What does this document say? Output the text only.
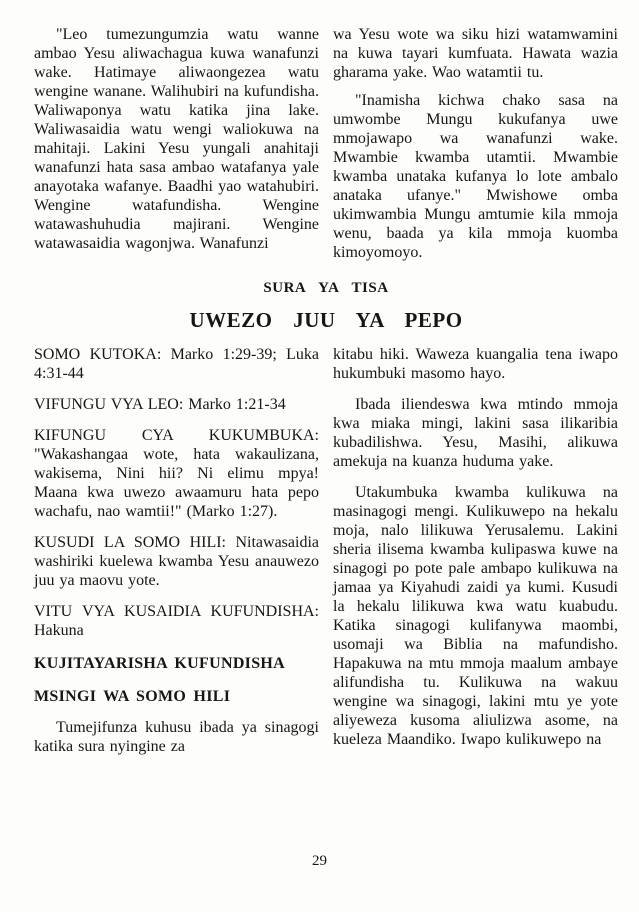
"Leo tumezungumzia watu wanne ambao Yesu aliwachagua kuwa wanafunzi wake. Hatimaye aliwaongezea watu wengine wanane. Walihubiri na kufundisha. Waliwaponya watu katika jina lake. Waliwasaidia watu wengi waliokuwa na mahitaji. Lakini Yesu yungali anahitaji wanafunzi hata sasa ambao watafanya yale anayotaka wafanye. Baadhi yao watahubiri. Wengine watafundisha. Wengine watawashuhudia majirani. Wengine watawasaidia wagonjwa. Wanafunzi

wa Yesu wote wa siku hizi watamwamini na kuwa tayari kumfuata. Hawata wazia gharama yake. Wao watamtii tu.

"Inamisha kichwa chako sasa na umwombe Mungu kukufanya uwe mmojawapo wa wanafunzi wake. Mwambie kwamba utamtii. Mwambie kwamba unataka kufanya lo lote ambalo anataka ufanye." Mwishowe omba ukimwambia Mungu amtumie kila mmoja wenu, baada ya kila mmoja kuomba kimoyomoyo.

SURA YA TISA

UWEZO JUU YA PEPO

SOMO KUTOKA: Marko 1:29-39; Luka 4:31-44

VIFUNGU VYA LEO: Marko 1:21-34

KIFUNGU CYA KUKUMBUKA: "Wakashangaa wote, hata wakaulizana, wakisema, Nini hii? Ni elimu mpya! Maana kwa uwezo awaamuru hata pepo wachafu, nao wamtii!" (Marko 1:27).

KUSUDI LA SOMO HILI: Nitawasaidia washiriki kuelewa kwamba Yesu anauwezo juu ya maovu yote.

VITU VYA KUSAIDIA KUFUNDISHA: Hakuna

KUJITAYARISHA KUFUNDISHA

MSINGI WA SOMO HILI

Tumejifunza kuhusu ibada ya sinagogi katika sura nyingine za

kitabu hiki. Waweza kuangalia tena iwapo hukumbuki masomo hayo.

Ibada iliendeswa kwa mtindo mmoja kwa miaka mingi, lakini sasa ilikaribia kubadilishwa. Yesu, Masihi, alikuwa amekuja na kuanza huduma yake.

Utakumbuka kwamba kulikuwa na masinagogi mengi. Kulikuwepo na hekalu moja, nalo lilikuwa Yerusalemu. Lakini sheria ilisema kwamba kulipaswa kuwe na sinagogi po pote pale ambapo kulikuwa na jamaa ya Kiyahudi zaidi ya kumi. Kusudi la hekalu lilikuwa kwa watu kuabudu. Katika sinagogi kulifanywa maombi, usomaji wa Biblia na mafundisho. Hapakuwa na mtu mmoja maalum ambaye alifundisha tu. Kulikuwa na wakuu wengine wa sinagogi, lakini mtu ye yote aliyeweza kusoma aliulizwa asome, na kueleza Maandiko. Iwapo kulikuwepo na

29
